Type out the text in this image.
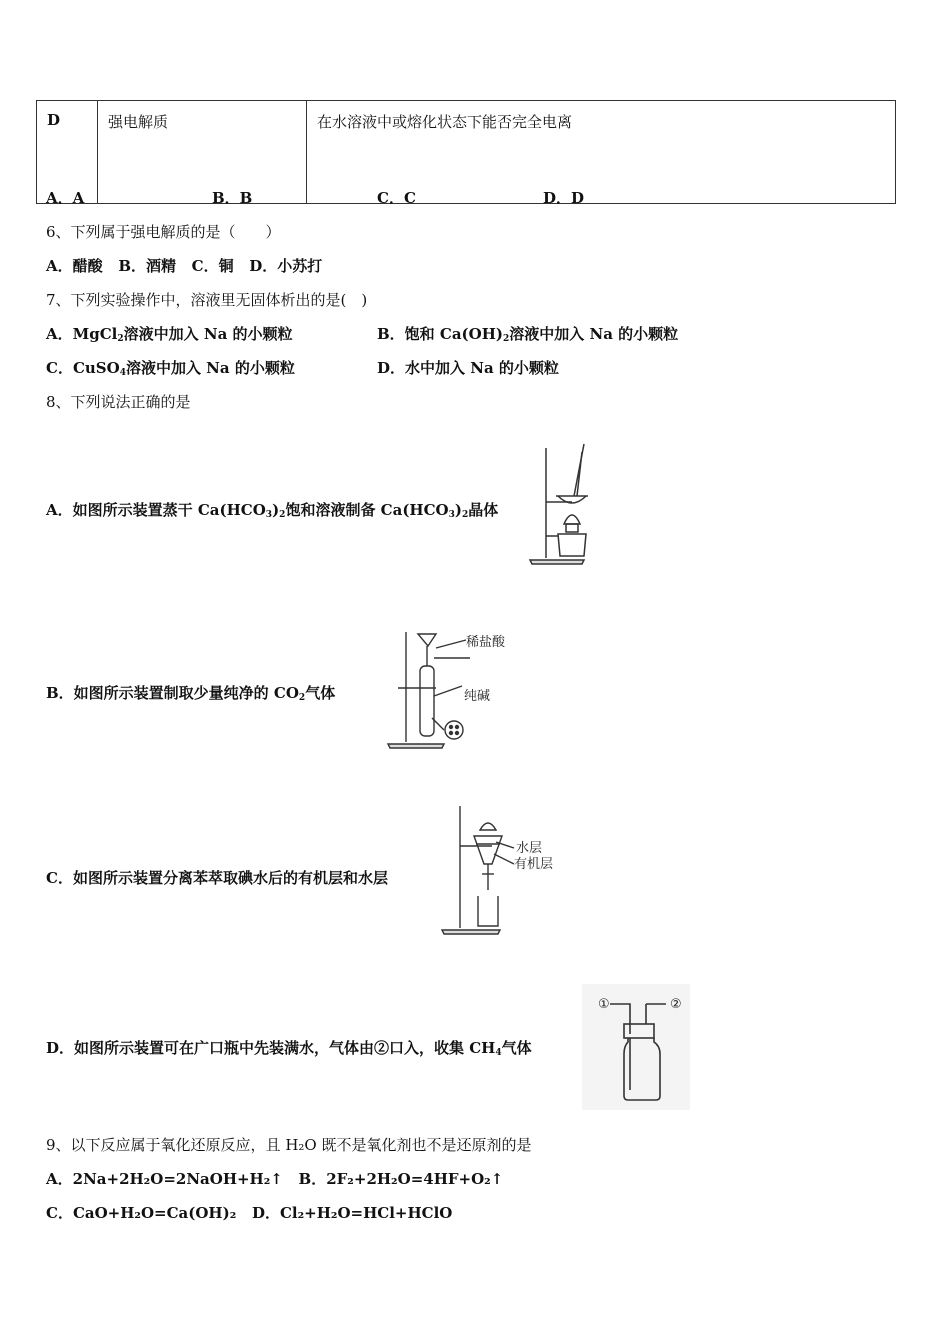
D	强电解质	在水溶液中或熔化状态下能否完全电离
A．A	B．B	C．C	D．D
6、下列属于强电解质的是（　　）
A．醋酸 B．酒精 C．铜 D．小苏打
7、下列实验操作中，溶液里无固体析出的是(　)
A．MgCl$_2$溶液中加入 Na 的小颗粒	B．饱和 $Ca(OH)_2$溶液中加入 Na 的小颗粒
C．CuSO$_4$溶液中加入 Na 的小颗粒	D．水中加入 Na 的小颗粒
8、下列说法正确的是
A．如图所示装置蒸干 $Ca(HCO_3)_2$饱和溶液制备 $Ca(HCO_3)_2$晶体
B．如图所示装置制取少量纯净的 $CO_2$气体
稀盐酸
纯碱
C．如图所示装置分离苯萃取碘水后的有机层和水层
水层
有机层
D．如图所示装置可在广口瓶中先装满水，气体由②口入，收集 $CH_4$气体
①	②
9、以下反应属于氧化还原反应，且 H₂O 既不是氧化剂也不是还原剂的是
A．2Na+2H₂O=2NaOH+H₂↑ B．2F₂+2H₂O=4HF+O₂↑
C．CaO+H₂O=Ca(OH)₂ D．Cl₂+H₂O=HCl+HClO
